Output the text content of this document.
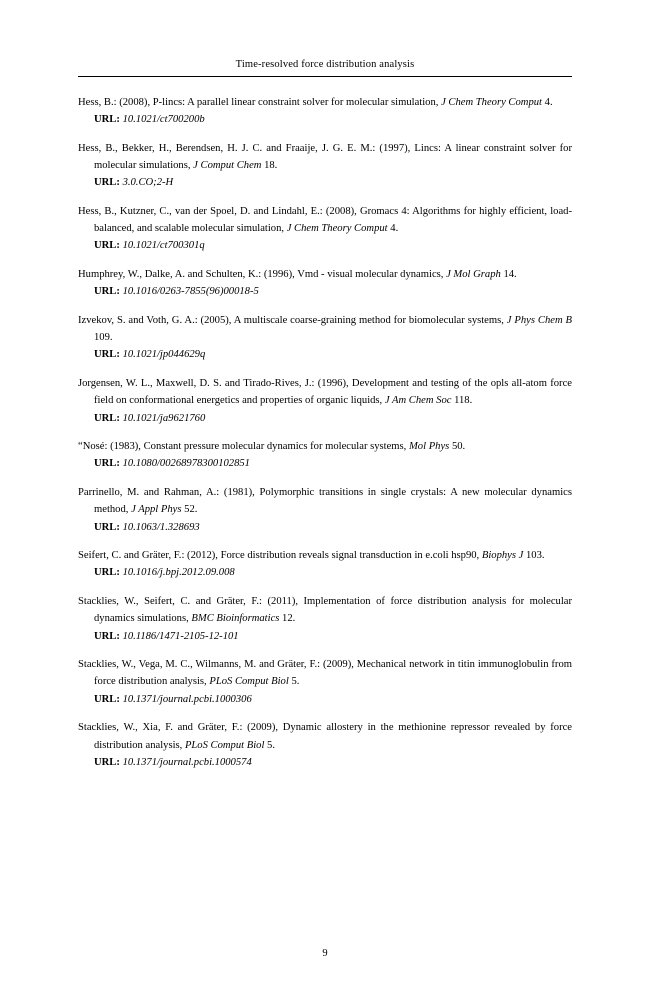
Time-resolved force distribution analysis
Hess, B.: (2008), P-lincs: A parallel linear constraint solver for molecular simulation, J Chem Theory Comput 4.
URL: 10.1021/ct700200b
Hess, B., Bekker, H., Berendsen, H. J. C. and Fraaije, J. G. E. M.: (1997), Lincs: A linear constraint solver for molecular simulations, J Comput Chem 18.
URL: 3.0.CO;2-H
Hess, B., Kutzner, C., van der Spoel, D. and Lindahl, E.: (2008), Gromacs 4: Algorithms for highly efficient, load-balanced, and scalable molecular simulation, J Chem Theory Comput 4.
URL: 10.1021/ct700301q
Humphrey, W., Dalke, A. and Schulten, K.: (1996), Vmd - visual molecular dynamics, J Mol Graph 14.
URL: 10.1016/0263-7855(96)00018-5
Izvekov, S. and Voth, G. A.: (2005), A multiscale coarse-graining method for biomolecular systems, J Phys Chem B 109.
URL: 10.1021/jp044629q
Jorgensen, W. L., Maxwell, D. S. and Tirado-Rives, J.: (1996), Development and testing of the opls all-atom force field on conformational energetics and properties of organic liquids, J Am Chem Soc 118.
URL: 10.1021/ja9621760
“Nosé: (1983), Constant pressure molecular dynamics for molecular systems, Mol Phys 50.
URL: 10.1080/00268978300102851
Parrinello, M. and Rahman, A.: (1981), Polymorphic transitions in single crystals: A new molecular dynamics method, J Appl Phys 52.
URL: 10.1063/1.328693
Seifert, C. and Gräter, F.: (2012), Force distribution reveals signal transduction in e.coli hsp90, Biophys J 103.
URL: 10.1016/j.bpj.2012.09.008
Stacklies, W., Seifert, C. and Gräter, F.: (2011), Implementation of force distribution analysis for molecular dynamics simulations, BMC Bioinformatics 12.
URL: 10.1186/1471-2105-12-101
Stacklies, W., Vega, M. C., Wilmanns, M. and Gräter, F.: (2009), Mechanical network in titin immunoglobulin from force distribution analysis, PLoS Comput Biol 5.
URL: 10.1371/journal.pcbi.1000306
Stacklies, W., Xia, F. and Gräter, F.: (2009), Dynamic allostery in the methionine repressor revealed by force distribution analysis, PLoS Comput Biol 5.
URL: 10.1371/journal.pcbi.1000574
9
